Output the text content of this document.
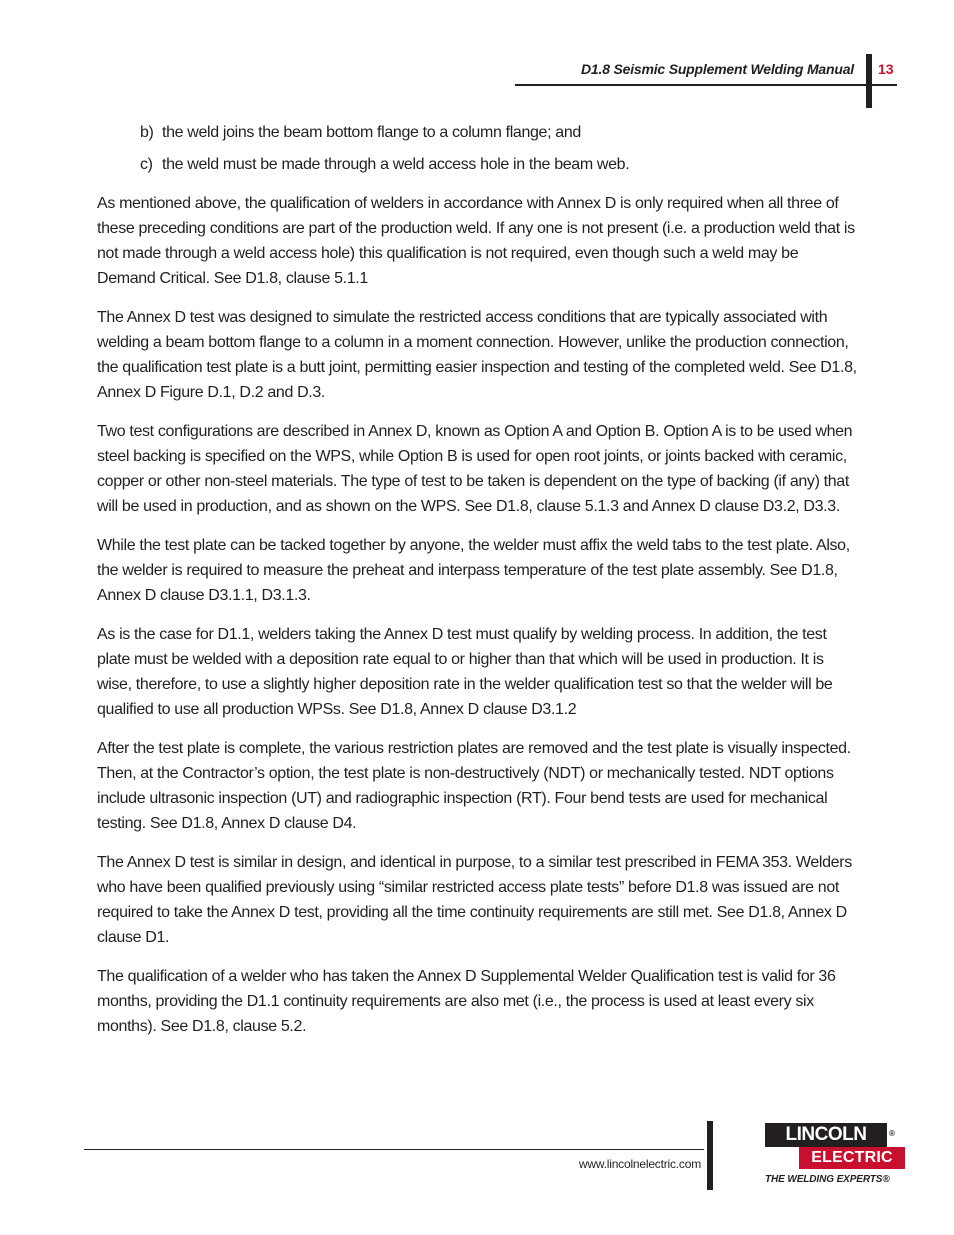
D1.8 Seismic Supplement Welding Manual 13
b) the weld joins the beam bottom flange to a column flange; and
c) the weld must be made through a weld access hole in the beam web.

As mentioned above, the qualification of welders in accordance with Annex D is only required when all three of these preceding conditions are part of the production weld. If any one is not present (i.e. a production weld that is not made through a weld access hole) this qualification is not required, even though such a weld may be Demand Critical. See D1.8, clause 5.1.1

The Annex D test was designed to simulate the restricted access conditions that are typically associated with welding a beam bottom flange to a column in a moment connection. However, unlike the production connection, the qualification test plate is a butt joint, permitting easier inspection and testing of the completed weld. See D1.8, Annex D Figure D.1, D.2 and D.3.

Two test configurations are described in Annex D, known as Option A and Option B. Option A is to be used when steel backing is specified on the WPS, while Option B is used for open root joints, or joints backed with ceramic, copper or other non-steel materials. The type of test to be taken is dependent on the type of backing (if any) that will be used in production, and as shown on the WPS. See D1.8, clause 5.1.3 and Annex D clause D3.2, D3.3.

While the test plate can be tacked together by anyone, the welder must affix the weld tabs to the test plate. Also, the welder is required to measure the preheat and interpass temperature of the test plate assembly. See D1.8, Annex D clause D3.1.1, D3.1.3.

As is the case for D1.1, welders taking the Annex D test must qualify by welding process. In addition, the test plate must be welded with a deposition rate equal to or higher than that which will be used in production. It is wise, therefore, to use a slightly higher deposition rate in the welder qualification test so that the welder will be qualified to use all production WPSs. See D1.8, Annex D clause D3.1.2

After the test plate is complete, the various restriction plates are removed and the test plate is visually inspected. Then, at the Contractor’s option, the test plate is non-destructively (NDT) or mechanically tested. NDT options include ultrasonic inspection (UT) and radiographic inspection (RT). Four bend tests are used for mechanical testing. See D1.8, Annex D clause D4.

The Annex D test is similar in design, and identical in purpose, to a similar test prescribed in FEMA 353. Welders who have been qualified previously using “similar restricted access plate tests” before D1.8 was issued are not required to take the Annex D test, providing all the time continuity requirements are still met. See D1.8, Annex D clause D1.

The qualification of a welder who has taken the Annex D Supplemental Welder Qualification test is valid for 36 months, providing the D1.1 continuity requirements are also met (i.e., the process is used at least every six months). See D1.8, clause 5.2.

www.lincolnelectric.com
LINCOLN	®
ELECTRIC
THE WELDING EXPERTS®
